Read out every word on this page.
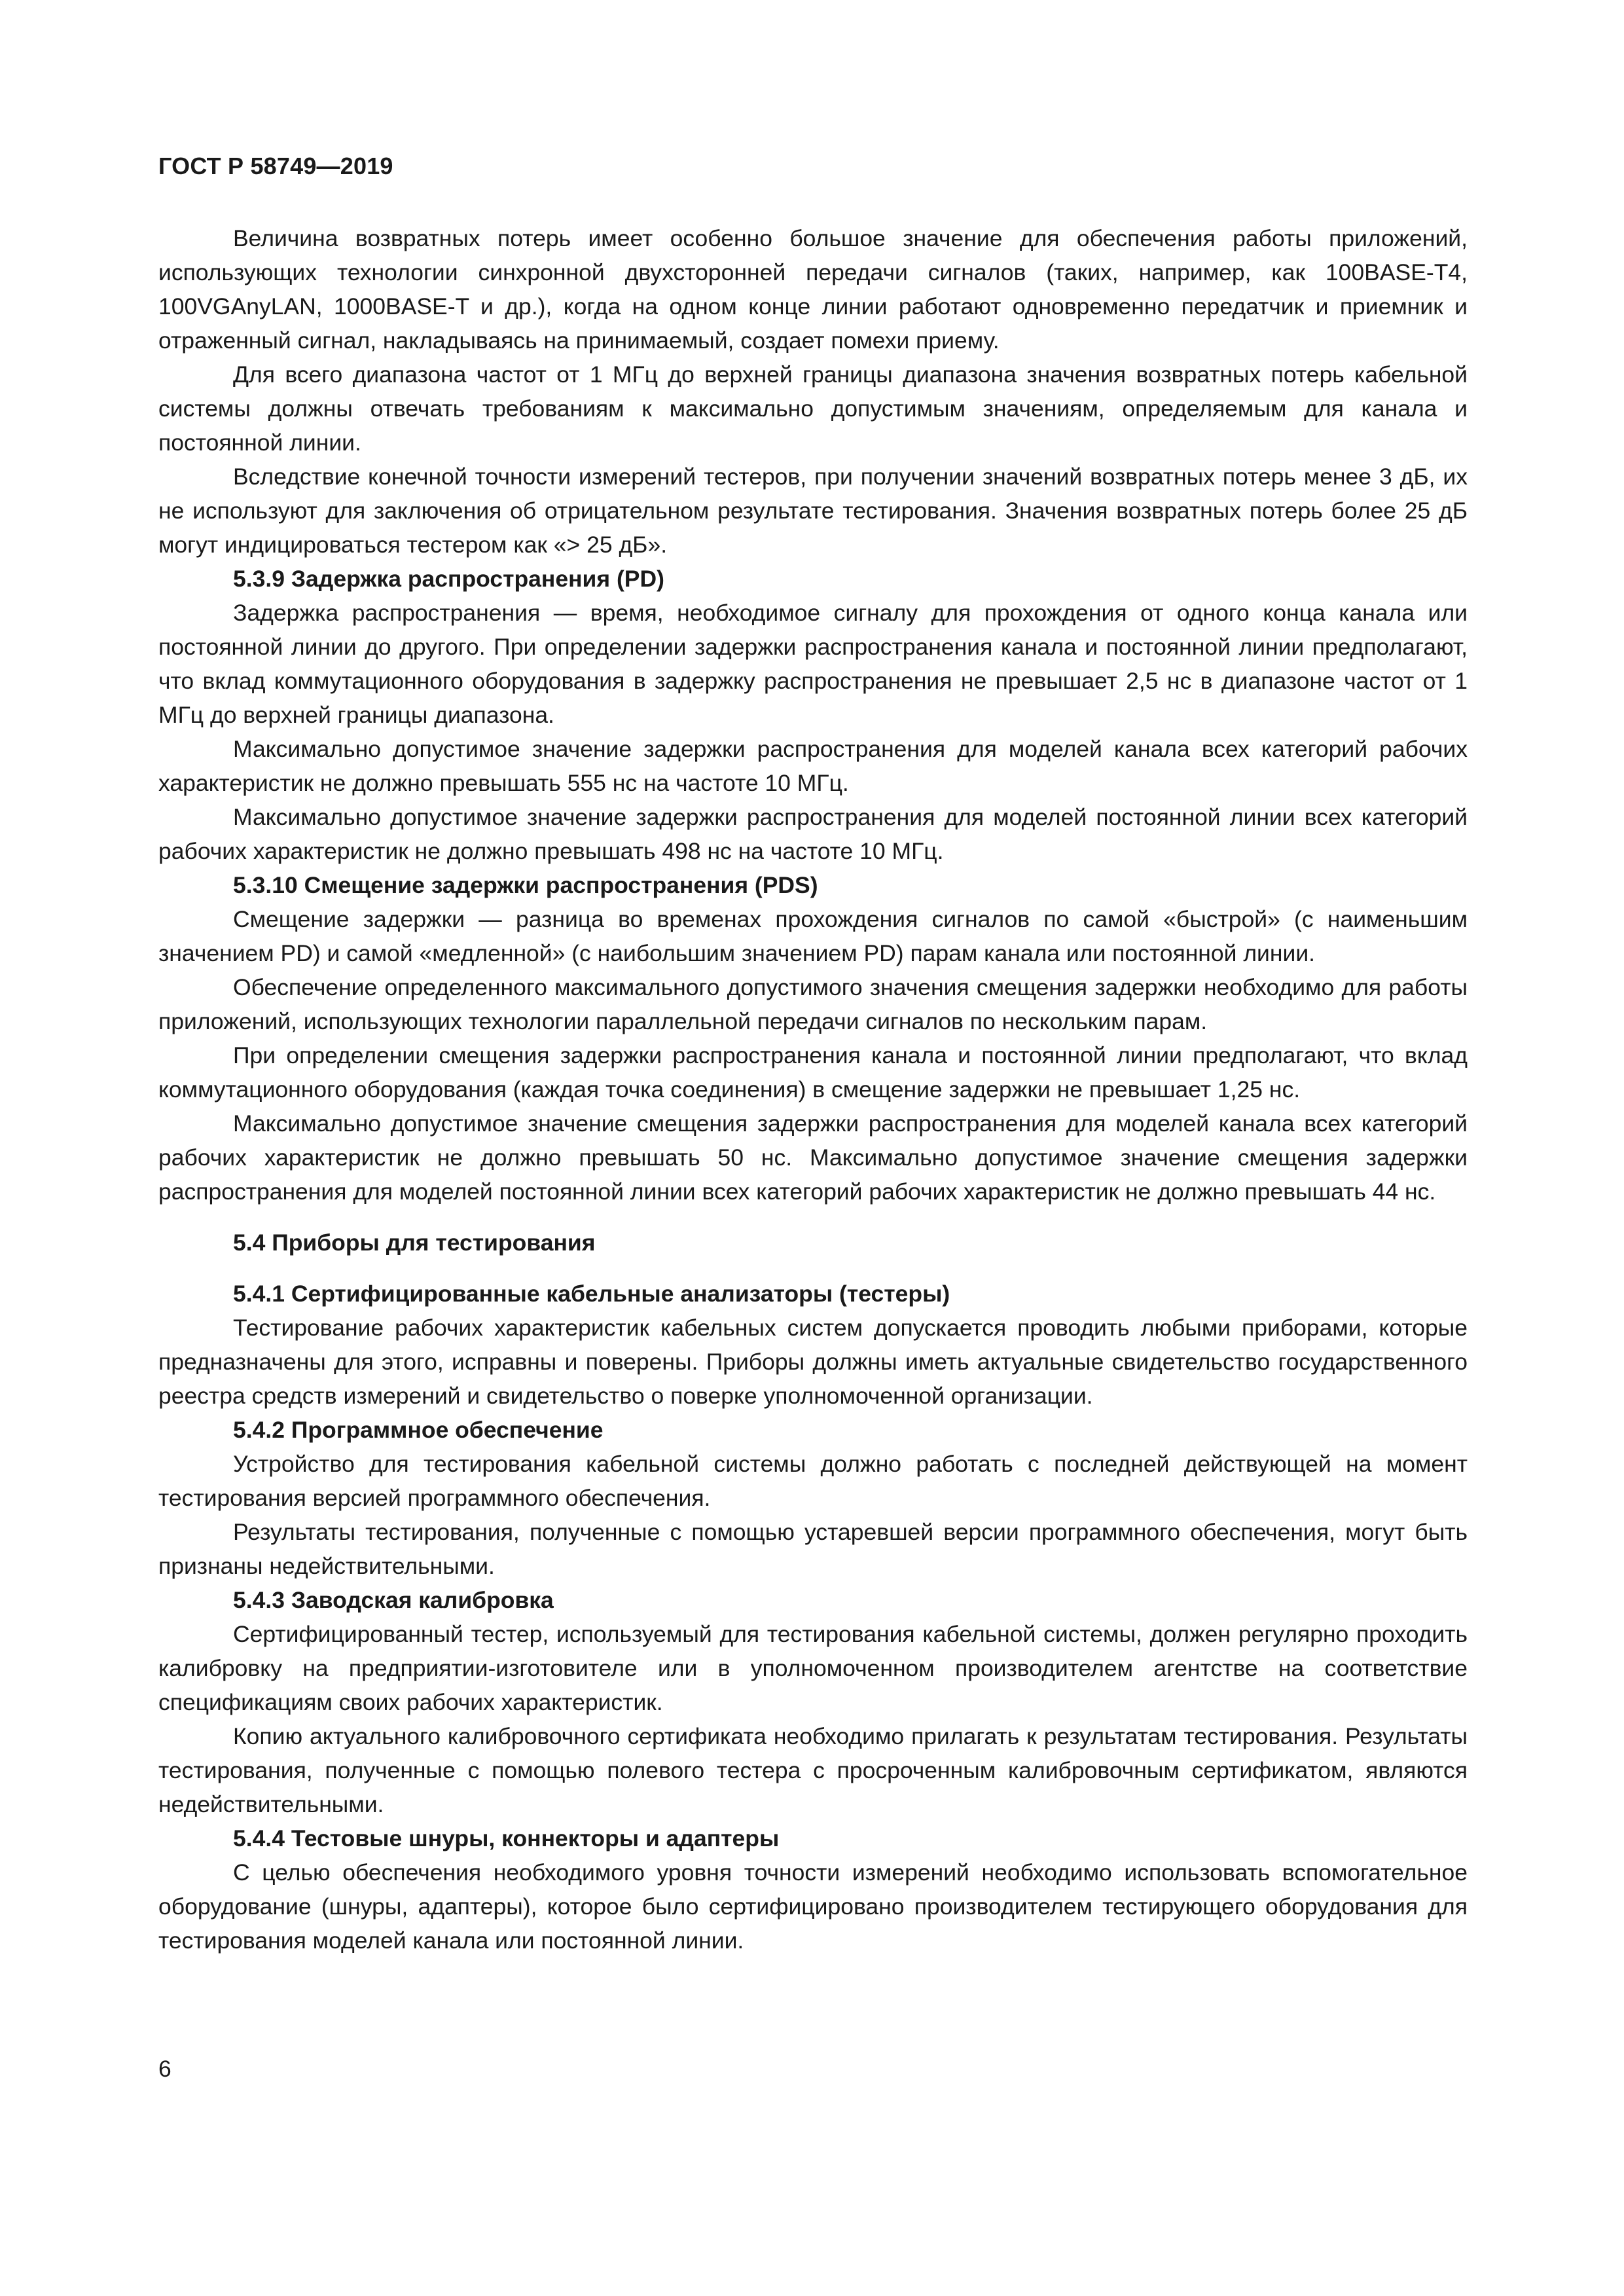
ГОСТ Р 58749—2019

Величина возвратных потерь имеет особенно большое значение для обеспечения работы приложений, использующих технологии синхронной двухсторонней передачи сигналов (таких, например, как 100BASE-T4, 100VGAnyLAN, 1000BASE-T и др.), когда на одном конце линии работают одновременно передатчик и приемник и отраженный сигнал, накладываясь на принимаемый, создает помехи приему.

Для всего диапазона частот от 1 МГц до верхней границы диапазона значения возвратных потерь кабельной системы должны отвечать требованиям к максимально допустимым значениям, определяемым для канала и постоянной линии.

Вследствие конечной точности измерений тестеров, при получении значений возвратных потерь менее 3 дБ, их не используют для заключения об отрицательном результате тестирования. Значения возвратных потерь более 25 дБ могут индицироваться тестером как «> 25 дБ».

5.3.9 Задержка распространения (PD)

Задержка распространения — время, необходимое сигналу для прохождения от одного конца канала или постоянной линии до другого. При определении задержки распространения канала и постоянной линии предполагают, что вклад коммутационного оборудования в задержку распространения не превышает 2,5 нс в диапазоне частот от 1 МГц до верхней границы диапазона.

Максимально допустимое значение задержки распространения для моделей канала всех категорий рабочих характеристик не должно превышать 555 нс на частоте 10 МГц.

Максимально допустимое значение задержки распространения для моделей постоянной линии всех категорий рабочих характеристик не должно превышать 498 нс на частоте 10 МГц.

5.3.10 Смещение задержки распространения (PDS)

Смещение задержки — разница во временах прохождения сигналов по самой «быстрой» (с наименьшим значением PD) и самой «медленной» (с наибольшим значением PD) парам канала или постоянной линии.

Обеспечение определенного максимального допустимого значения смещения задержки необходимо для работы приложений, использующих технологии параллельной передачи сигналов по нескольким парам.

При определении смещения задержки распространения канала и постоянной линии предполагают, что вклад коммутационного оборудования (каждая точка соединения) в смещение задержки не превышает 1,25 нс.

Максимально допустимое значение смещения задержки распространения для моделей канала всех категорий рабочих характеристик не должно превышать 50 нс. Максимально допустимое значение смещения задержки распространения для моделей постоянной линии всех категорий рабочих характеристик не должно превышать 44 нс.

5.4 Приборы для тестирования
5.4.1 Сертифицированные кабельные анализаторы (тестеры)

Тестирование рабочих характеристик кабельных систем допускается проводить любыми приборами, которые предназначены для этого, исправны и поверены. Приборы должны иметь актуальные свидетельство государственного реестра средств измерений и свидетельство о поверке уполномоченной организации.

5.4.2 Программное обеспечение

Устройство для тестирования кабельной системы должно работать с последней действующей на момент тестирования версией программного обеспечения.

Результаты тестирования, полученные с помощью устаревшей версии программного обеспечения, могут быть признаны недействительными.

5.4.3 Заводская калибровка

Сертифицированный тестер, используемый для тестирования кабельной системы, должен регулярно проходить калибровку на предприятии-изготовителе или в уполномоченном производителем агентстве на соответствие спецификациям своих рабочих характеристик.

Копию актуального калибровочного сертификата необходимо прилагать к результатам тестирования. Результаты тестирования, полученные с помощью полевого тестера с просроченным калибровочным сертификатом, являются недействительными.

5.4.4 Тестовые шнуры, коннекторы и адаптеры

С целью обеспечения необходимого уровня точности измерений необходимо использовать вспомогательное оборудование (шнуры, адаптеры), которое было сертифицировано производителем тестирующего оборудования для тестирования моделей канала или постоянной линии.

6
